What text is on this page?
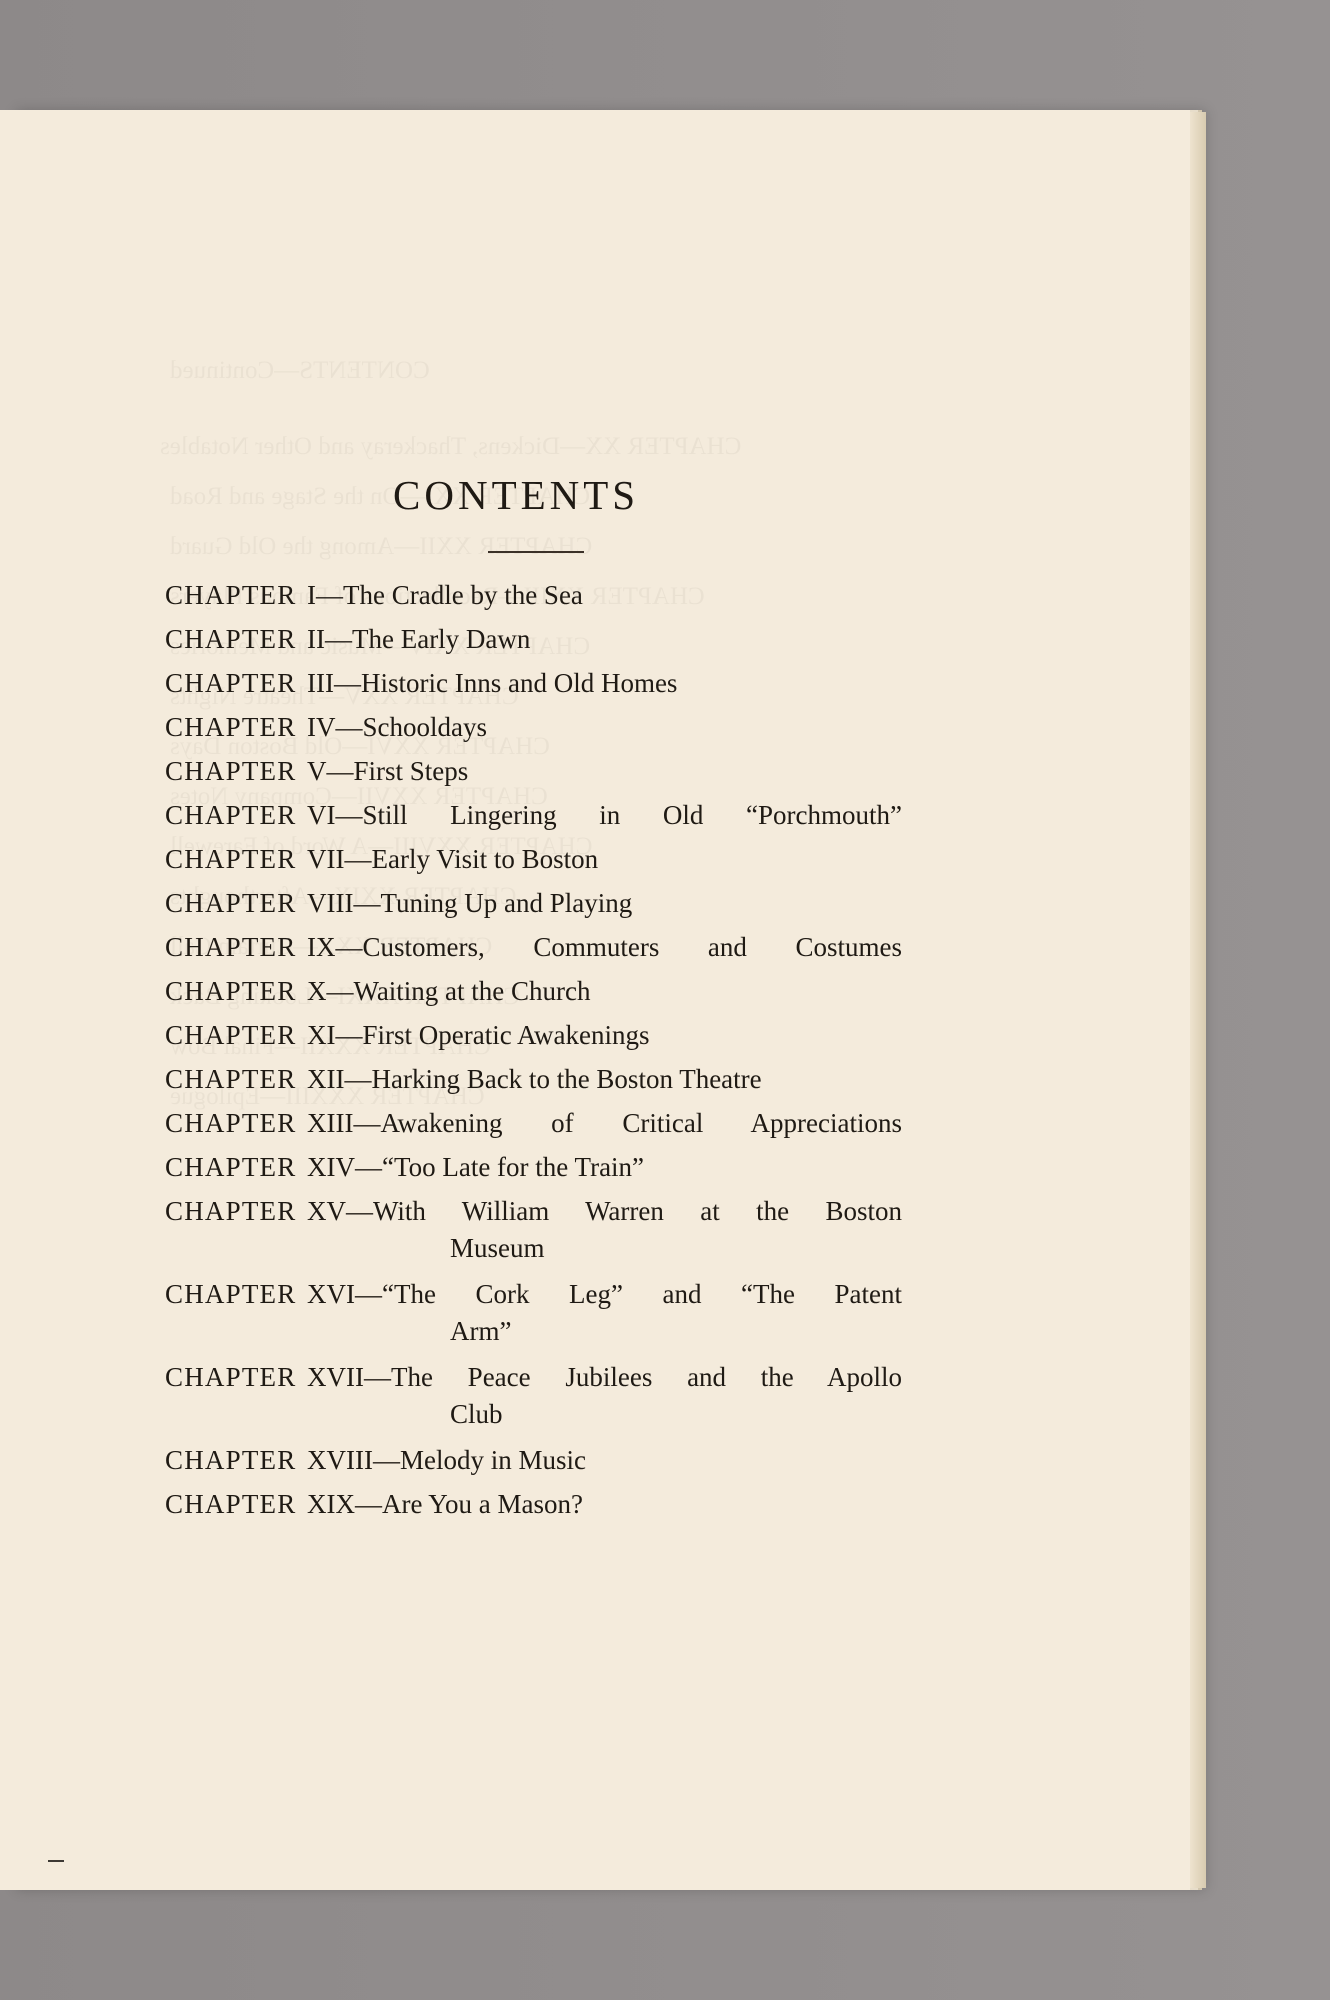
CONTENTS

CHAPTER I—The Cradle by the Sea

CHAPTER II—The Early Dawn

CHAPTER III—Historic Inns and Old Homes

CHAPTER IV—Schooldays

CHAPTER V—First Steps

CHAPTER VI—Still Lingering in Old “Porchmouth”

CHAPTER VII—Early Visit to Boston

CHAPTER VIII—Tuning Up and Playing

CHAPTER IX—Customers, Commuters and Costumes

CHAPTER X—Waiting at the Church

CHAPTER XI—First Operatic Awakenings

CHAPTER XII—Harking Back to the Boston Theatre

CHAPTER XIII—Awakening of Critical Appreciations

CHAPTER XIV—“Too Late for the Train”

CHAPTER XV—With William Warren at the Boston
Museum

CHAPTER XVI—“The Cork Leg” and “The Patent
Arm”

CHAPTER XVII—The Peace Jubilees and the Apollo
Club

CHAPTER XVIII—Melody in Music

CHAPTER XIX—Are You a Mason?
